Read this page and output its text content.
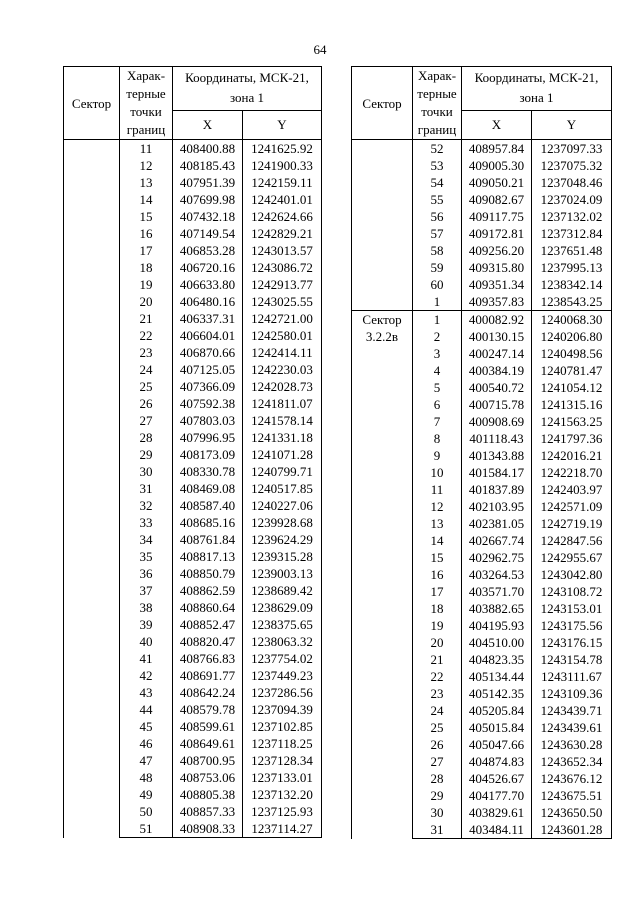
64
Сектор	Харак-терные точки границ	Координаты, МСК-21, зона 1	
		X	Y
	11	408400.88	1241625.92
	12	408185.43	1241900.33
	13	407951.39	1242159.11
	14	407699.98	1242401.01
	15	407432.18	1242624.66
	16	407149.54	1242829.21
	17	406853.28	1243013.57
	18	406720.16	1243086.72
	19	406633.80	1242913.77
	20	406480.16	1243025.55
	21	406337.31	1242721.00
	22	406604.01	1242580.01
	23	406870.66	1242414.11
	24	407125.05	1242230.03
	25	407366.09	1242028.73
	26	407592.38	1241811.07
	27	407803.03	1241578.14
	28	407996.95	1241331.18
	29	408173.09	1241071.28
	30	408330.78	1240799.71
	31	408469.08	1240517.85
	32	408587.40	1240227.06
	33	408685.16	1239928.68
	34	408761.84	1239624.29
	35	408817.13	1239315.28
	36	408850.79	1239003.13
	37	408862.59	1238689.42
	38	408860.64	1238629.09
	39	408852.47	1238375.65
	40	408820.47	1238063.32
	41	408766.83	1237754.02
	42	408691.77	1237449.23
	43	408642.24	1237286.56
	44	408579.78	1237094.39
	45	408599.61	1237102.85
	46	408649.61	1237118.25
	47	408700.95	1237128.34
	48	408753.06	1237133.01
	49	408805.38	1237132.20
	50	408857.33	1237125.93
	51	408908.33	1237114.27
Сектор	Харак-терные точки границ	Координаты, МСК-21, зона 1	
		X	Y
	52	408957.84	1237097.33
	53	409005.30	1237075.32
	54	409050.21	1237048.46
	55	409082.67	1237024.09
	56	409117.75	1237132.02
	57	409172.81	1237312.84
	58	409256.20	1237651.48
	59	409315.80	1237995.13
	60	409351.34	1238342.14
	1	409357.83	1238543.25
Сектор 3.2.2в	1	400082.92	1240068.30
	2	400130.15	1240206.80
	3	400247.14	1240498.56
	4	400384.19	1240781.47
	5	400540.72	1241054.12
	6	400715.78	1241315.16
	7	400908.69	1241563.25
	8	401118.43	1241797.36
	9	401343.88	1242016.21
	10	401584.17	1242218.70
	11	401837.89	1242403.97
	12	402103.95	1242571.09
	13	402381.05	1242719.19
	14	402667.74	1242847.56
	15	402962.75	1242955.67
	16	403264.53	1243042.80
	17	403571.70	1243108.72
	18	403882.65	1243153.01
	19	404195.93	1243175.56
	20	404510.00	1243176.15
	21	404823.35	1243154.78
	22	405134.44	1243111.67
	23	405142.35	1243109.36
	24	405205.84	1243439.71
	25	405015.84	1243439.61
	26	405047.66	1243630.28
	27	404874.83	1243652.34
	28	404526.67	1243676.12
	29	404177.70	1243675.51
	30	403829.61	1243650.50
	31	403484.11	1243601.28
